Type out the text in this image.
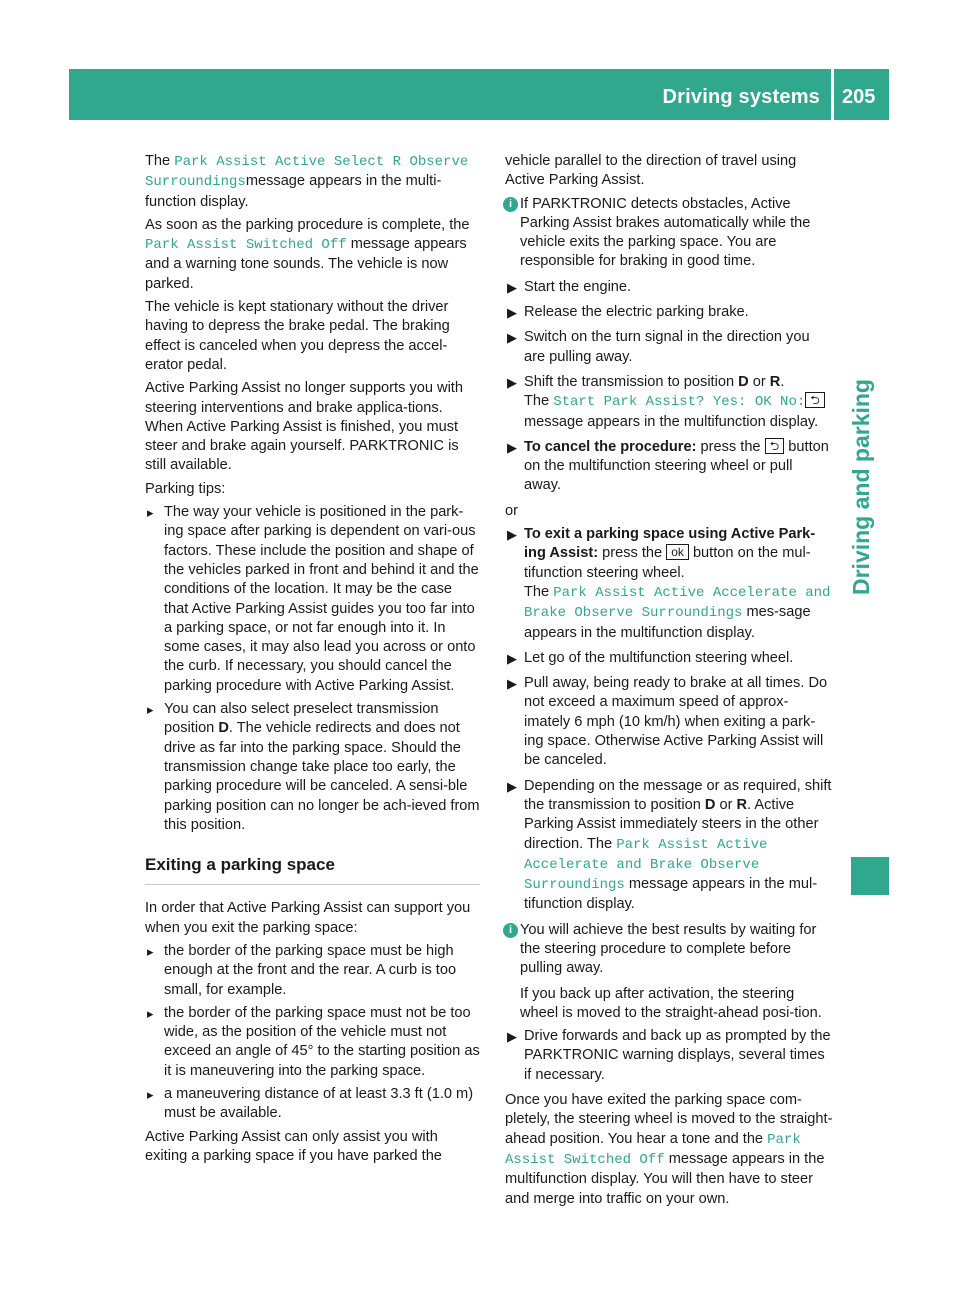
Driving systems 205
Driving and parking

The Park Assist Active Select R Observe Surroundingsmessage appears in the multi-function display.

As soon as the parking procedure is complete, the Park Assist Switched Off message appears and a warning tone sounds. The vehicle is now parked.

The vehicle is kept stationary without the driver having to depress the brake pedal. The braking effect is canceled when you depress the accel-erator pedal.

Active Parking Assist no longer supports you with steering interventions and brake applica-tions. When Active Parking Assist is finished, you must steer and brake again yourself. PARKTRONIC is still available.

Parking tips:

▸ The way your vehicle is positioned in the park-ing space after parking is dependent on vari-ous factors. These include the position and shape of the vehicles parked in front and behind it and the conditions of the location. It may be the case that Active Parking Assist guides you too far into a parking space, or not far enough into it. In some cases, it may also lead you across or onto the curb. If necessary, you should cancel the parking procedure with Active Parking Assist.
▸ You can also select preselect transmission position D. The vehicle redirects and does not drive as far into the parking space. Should the transmission change take place too early, the parking procedure will be canceled. A sensi-ble parking position can no longer be ach-ieved from this position.
Exiting a parking space

In order that Active Parking Assist can support you when you exit the parking space:

▸ the border of the parking space must be high enough at the front and the rear. A curb is too small, for example.
▸ the border of the parking space must not be too wide, as the position of the vehicle must not exceed an angle of 45° to the starting position as it is maneuvering into the parking space.
▸ a maneuvering distance of at least 3.3 ft (1.0 m) must be available.

Active Parking Assist can only assist you with exiting a parking space if you have parked the

vehicle parallel to the direction of travel using Active Parking Assist.

i If PARKTRONIC detects obstacles, Active Parking Assist brakes automatically while the vehicle exits the parking space. You are responsible for braking in good time.
▶ Start the engine.
▶ Release the electric parking brake.
▶ Switch on the turn signal in the direction you are pulling away.
▶ Shift the transmission to position D or R.
The Start Park Assist? Yes: OK No: ⮌ message appears in the multifunction display.
▶ To cancel the procedure: press the ⮌ button on the multifunction steering wheel or pull away.

or

▶ To exit a parking space using Active Park-ing Assist: press the ok button on the mul-tifunction steering wheel.
The Park Assist Active Accelerate and Brake Observe Surroundings mes-sage appears in the multifunction display.
▶ Let go of the multifunction steering wheel.
▶ Pull away, being ready to brake at all times. Do not exceed a maximum speed of approx-imately 6 mph (10 km/h) when exiting a park-ing space. Otherwise Active Parking Assist will be canceled.
▶ Depending on the message or as required, shift the transmission to position D or R. Active Parking Assist immediately steers in the other direction. The Park Assist Active Accelerate and Brake Observe Surroundings message appears in the mul-tifunction display.
i You will achieve the best results by waiting for the steering procedure to complete before pulling away.

If you back up after activation, the steering wheel is moved to the straight-ahead posi-tion.

▶ Drive forwards and back up as prompted by the PARKTRONIC warning displays, several times if necessary.

Once you have exited the parking space com-pletely, the steering wheel is moved to the straight-ahead position. You hear a tone and the Park Assist Switched Off message appears in the multifunction display. You will then have to steer and merge into traffic on your own.
